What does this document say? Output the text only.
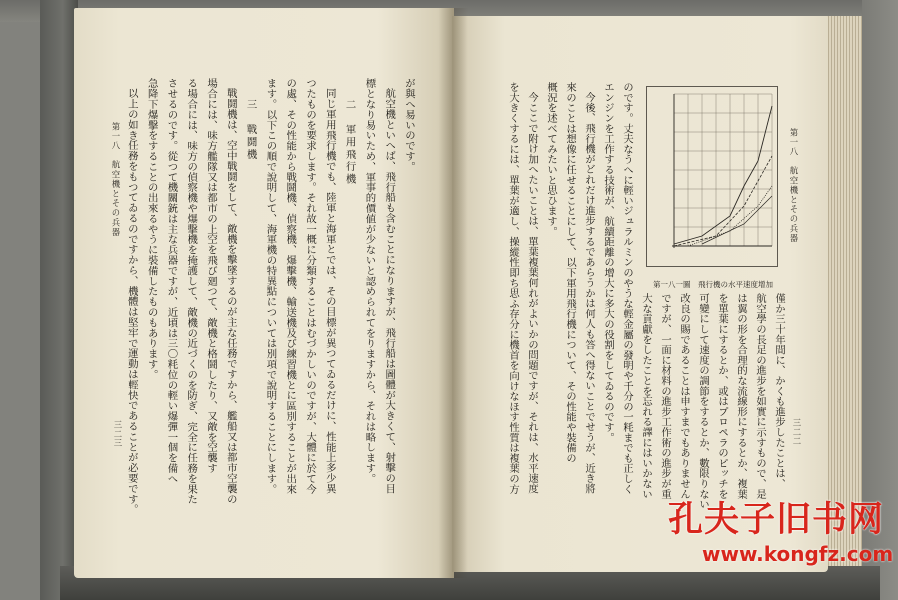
第一八　航空機とその兵器
三二三

が與へ易いのです。

航空機といへば、飛行船も含むことになりますが、飛行船は圖體が大きくて、射擊の目

標となり易いため、軍事的價値が少ないと認められてをりますから、それは略します。

二　軍用飛行機

同じ軍用飛行機でも、陸軍と海軍とでは、その目標が異つてゐるだけに、性能上多少異

つたものを要求します。それ故一概に分類することはむづかしいのですが、大體に於て今

の處、その性能から戰鬪機、偵察機、爆擊機、輸送機及び練習機とに區別することが出來

ます。以下この順で說明して、海軍機の特異點については別項で說明することにします。

三　戰鬪機

戰鬪機は、空中戰鬪をして、敵機を擊墜するのが主な任務ですから、艦船又は都市空襲の

場合には、味方艦隊又は都市の上空を飛び廻つて、敵機と格鬪したり、又敵を空襲す

る場合には、味方の偵察機や爆擊機を掩護して、敵機の近づくのを防ぎ、完全に任務を果た

させるのです。從つて機關銃は主な兵器ですが、近頃は三〇粍位の輕い爆彈一個を備へ

急降下爆擊をすることの出來るやうに裝備したものもあります。

以上の如き任務をもつてゐるのですから、機體は堅牢で運動は輕快であることが必要です。	第一八　航空機とその兵器
三二二
第一八一圖　飛行機の水平速度增加

僅か三十年間に、かくも進步したことは、

航空學の長足の進步を如實に示すもので、是

は翼の形を合理的な流線形にするとか、複葉

を單葉にするとか、或はプロペラのピッチを

可變にして速度の調節をするとか、數限りない

改良の賜であることは申すまでもありません

ですが、一面に材料の進步工作術の進步が重

大な貢獻をしたことを忘れる譯にはいかない

のです。丈夫なうへに輕いジュラルミンのやうな輕金屬の發明や千分の一粍までも正しく

エンジンを工作する技術が、航續距離の增大に多大の役割をしてゐるのです。

今後、飛行機がどれだけ進步するであらうかは何人も答へ得ないことでせうが、近き將

來のことは想像に任せることにして、以下軍用飛行機について、その性能や裝備の

概況を述べてみたいと思ひます。

今ここで附け加へたいことは、單葉複葉何れがよいかの問題ですが、それは、水平速度

を大きくするには、單葉が適し、操縱性即ち思ふ存分に機首を向けなほす性質は複葉の方

孔夫子旧书网
www.kongfz.com
